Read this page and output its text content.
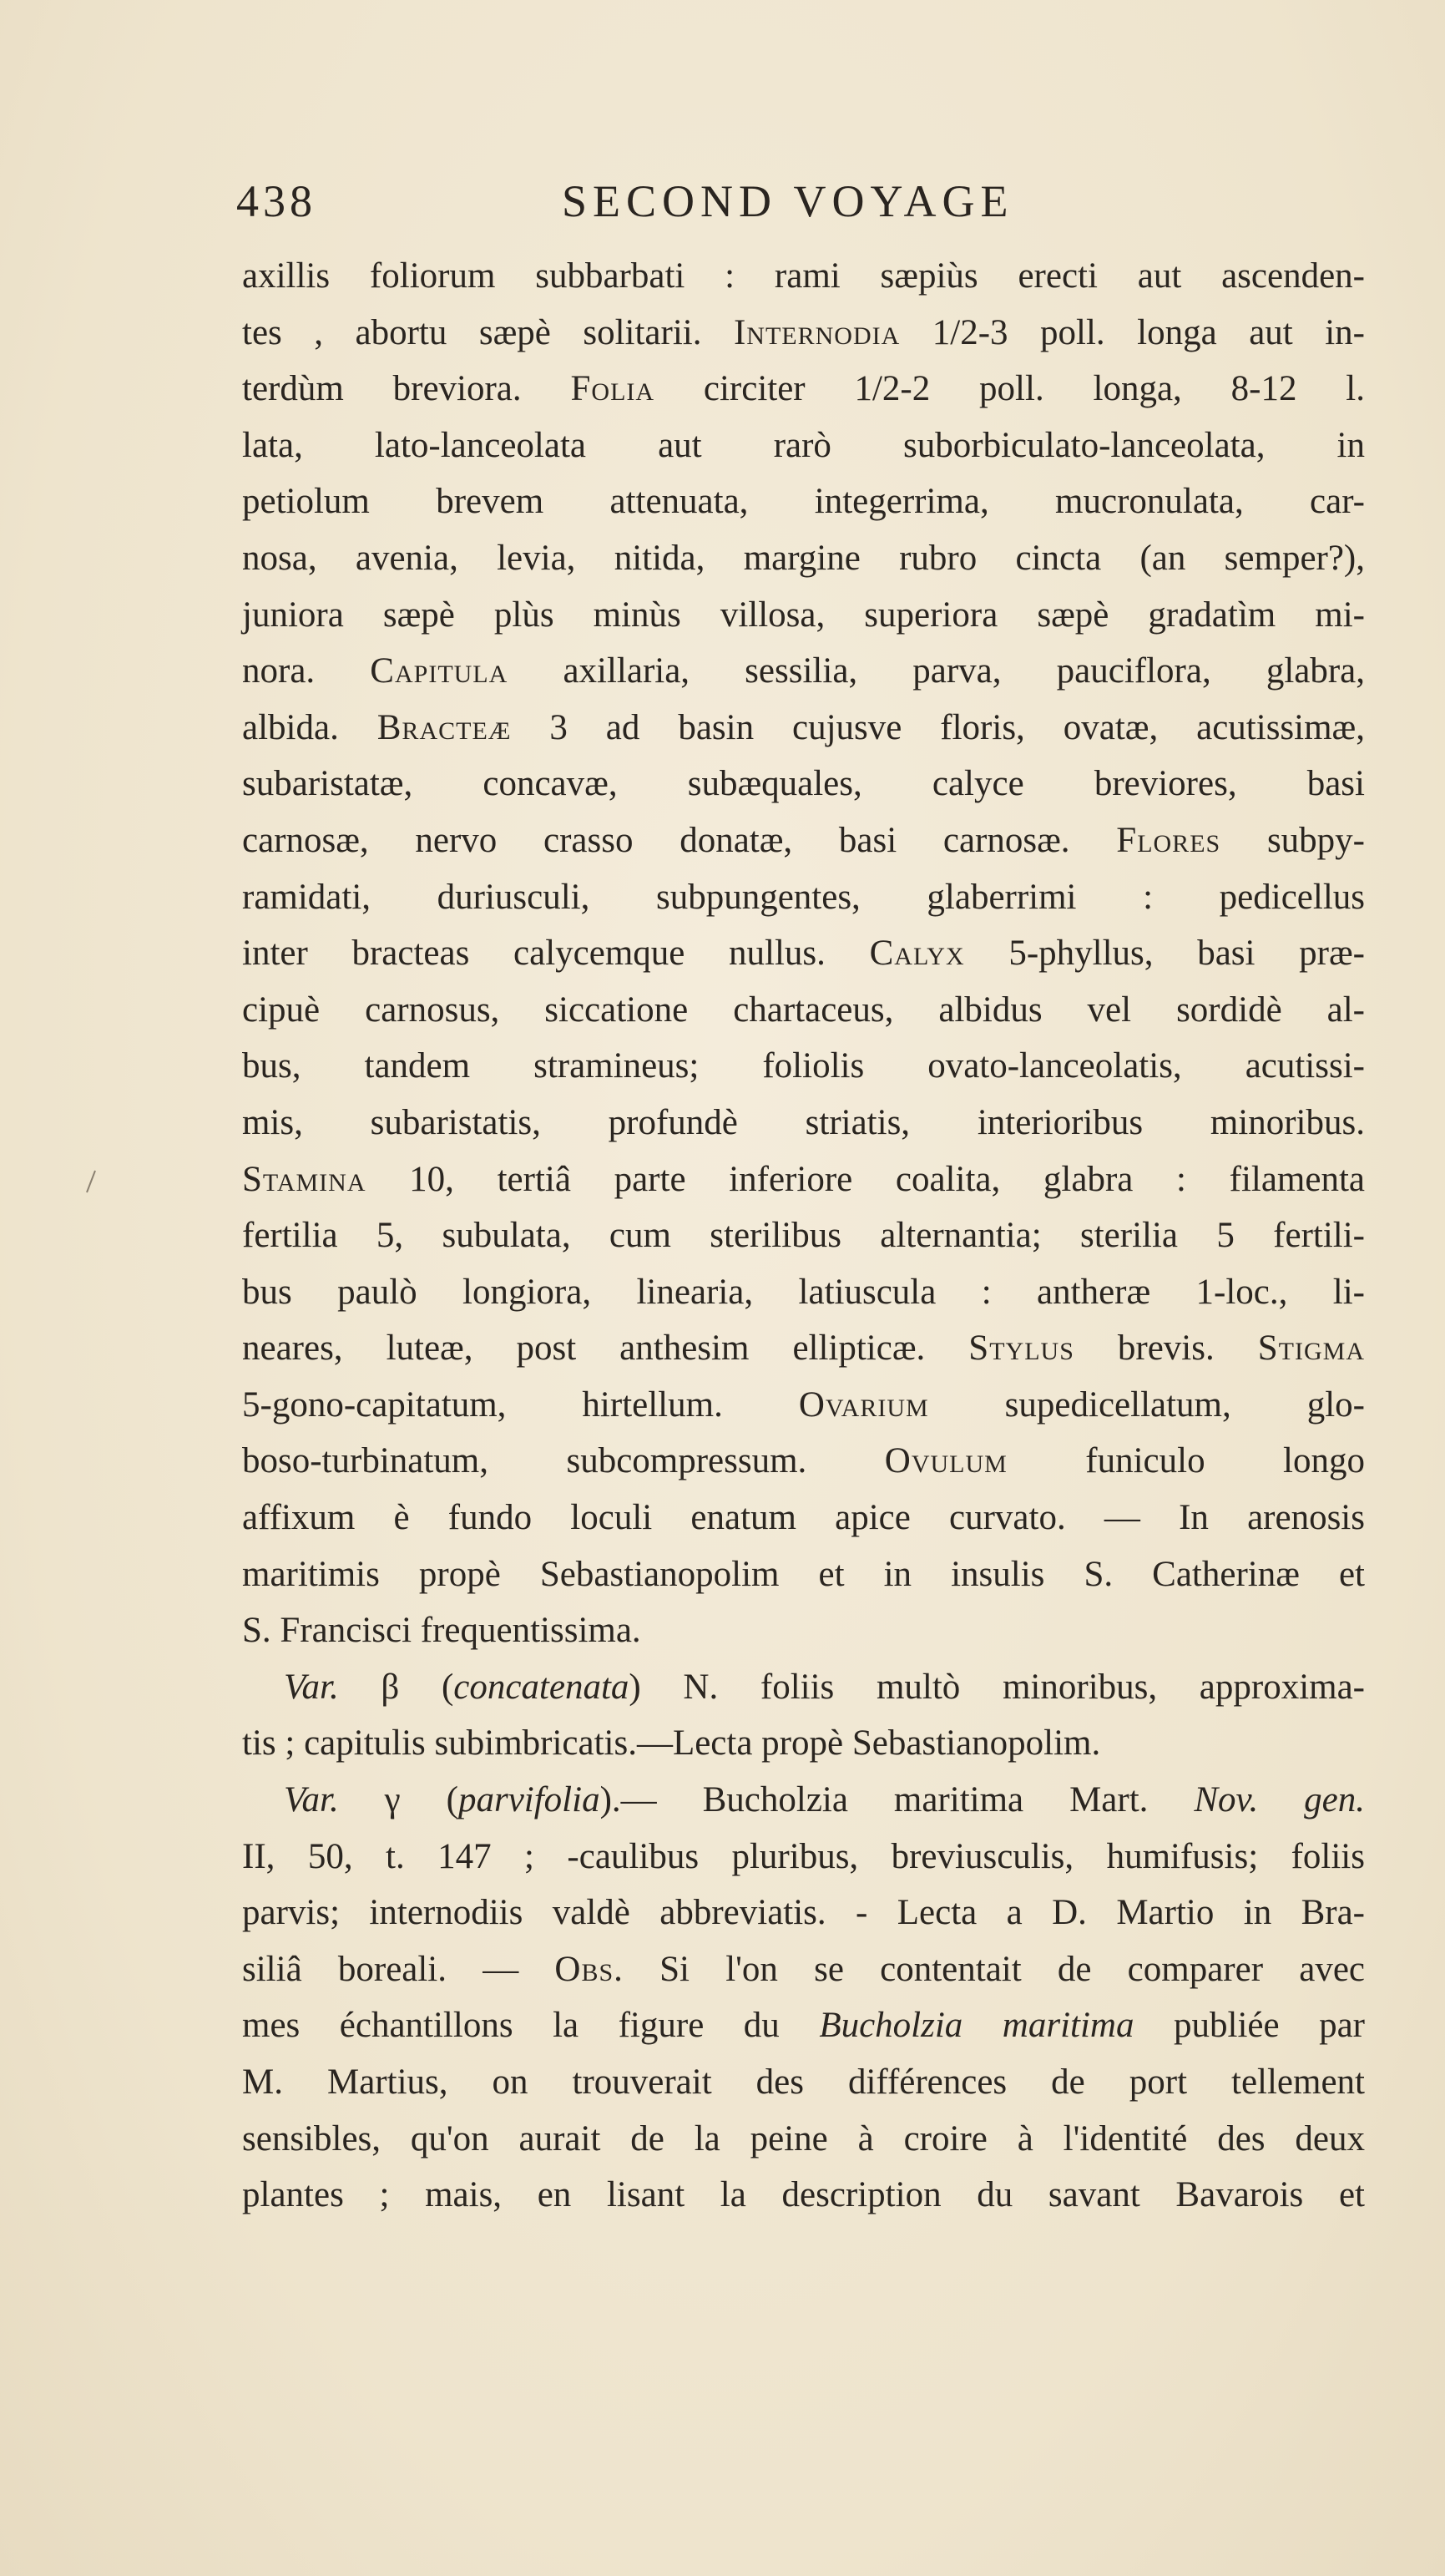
438	SECOND VOYAGE
axillis foliorum subbarbati : rami sæpiùs erecti aut ascenden-
tes , abortu sæpè solitarii. Internodia 1/2-3 poll. longa aut in-
terdùm breviora. Folia circiter 1/2-2 poll. longa, 8-12 l.
lata, lato-lanceolata aut rarò suborbiculato-lanceolata, in
petiolum brevem attenuata, integerrima, mucronulata, car-
nosa, avenia, levia, nitida, margine rubro cincta (an semper?),
juniora sæpè plùs minùs villosa, superiora sæpè gradatìm mi-
nora. Capitula axillaria, sessilia, parva, pauciflora, glabra,
albida. Bracteæ 3 ad basin cujusve floris, ovatæ, acutissimæ,
subaristatæ, concavæ, subæquales, calyce breviores, basi
carnosæ, nervo crasso donatæ, basi carnosæ. Flores subpy-
ramidati, duriusculi, subpungentes, glaberrimi : pedicellus
inter bracteas calycemque nullus. Calyx 5-phyllus, basi præ-
cipuè carnosus, siccatione chartaceus, albidus vel sordidè al-
bus, tandem stramineus; foliolis ovato-lanceolatis, acutissi-
mis, subaristatis, profundè striatis, interioribus minoribus.
Stamina 10, tertiâ parte inferiore coalita, glabra : filamenta
fertilia 5, subulata, cum sterilibus alternantia; sterilia 5 fertili-
bus paulò longiora, linearia, latiuscula : antheræ 1-loc., li-
neares, luteæ, post anthesim ellipticæ. Stylus brevis. Stigma
5-gono-capitatum, hirtellum. Ovarium supedicellatum, glo-
boso-turbinatum, subcompressum. Ovulum funiculo longo
affixum è fundo loculi enatum apice curvato. — In arenosis
maritimis propè Sebastianopolim et in insulis S. Catherinæ et
S. Francisci frequentissima.
Var. β (concatenata) N. foliis multò minoribus, approxima-
tis ; capitulis subimbricatis.—Lecta propè Sebastianopolim.
Var. γ (parvifolia).— Bucholzia maritima Mart. Nov. gen.
II, 50, t. 147 ; -caulibus pluribus, breviusculis, humifusis; foliis
parvis; internodiis valdè abbreviatis. - Lecta a D. Martio in Bra-
siliâ boreali. — Obs. Si l'on se contentait de comparer avec
mes échantillons la figure du Bucholzia maritima publiée par
M. Martius, on trouverait des différences de port tellement
sensibles, qu'on aurait de la peine à croire à l'identité des deux
plantes ; mais, en lisant la description du savant Bavarois et
